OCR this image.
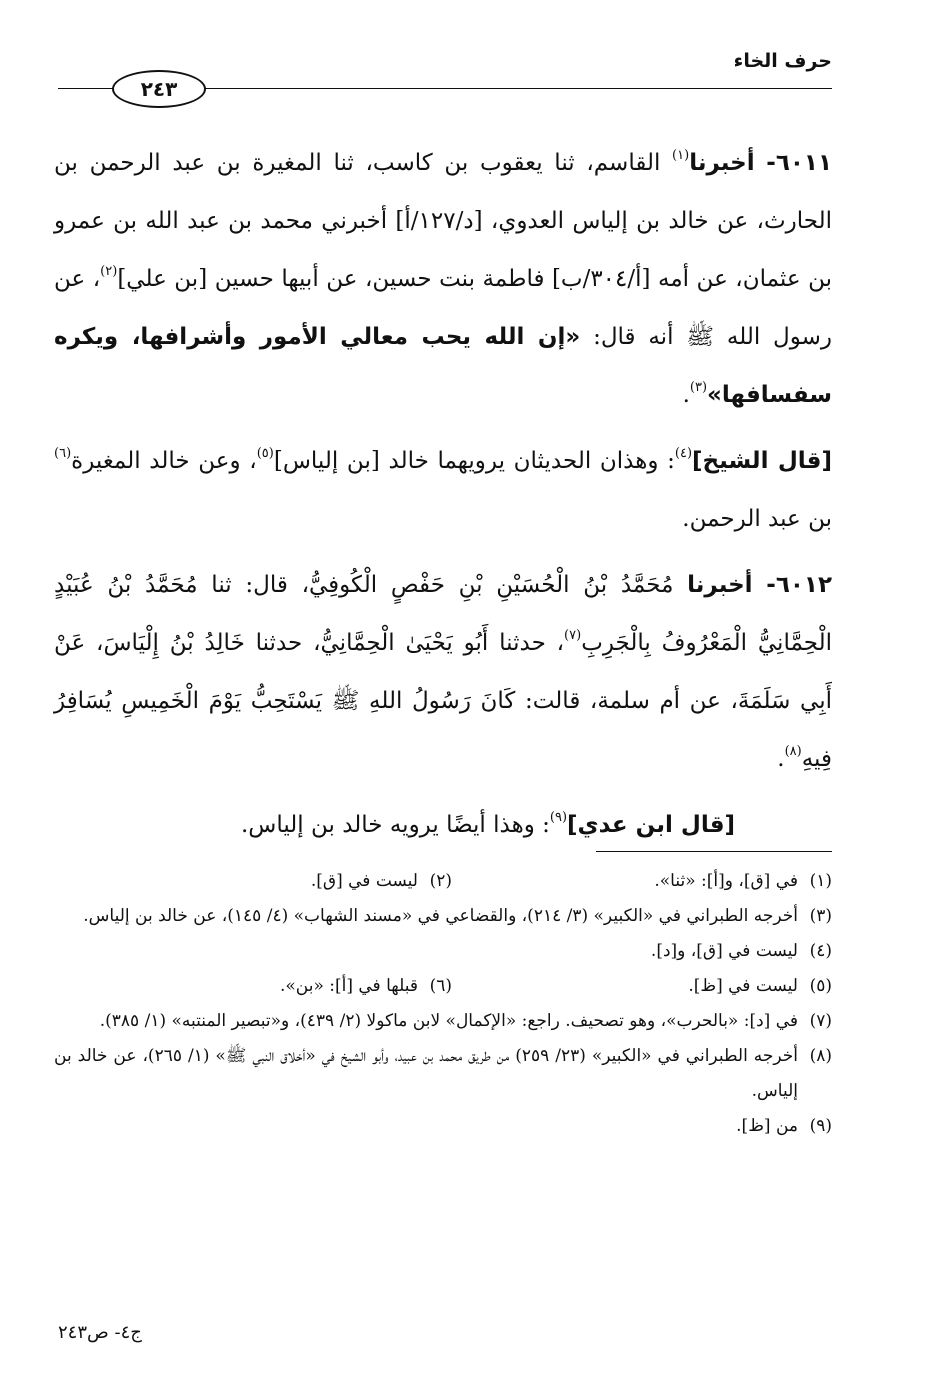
حرف الخاء
٢٤٣

٦٠١١- أخبرنا$^{(١)}$ القاسم، ثنا يعقوب بن كاسب، ثنا المغيرة بن عبد الرحمن بن الحارث، عن خالد بن إلياس العدوي، [د/١٢٧/أ] أخبرني محمد بن عبد الله بن عمرو بن عثمان، عن أمه [أ/٣٠٤/ب] فاطمة بنت حسين، عن أبيها حسين [بن علي]$^{(٢)}$، عن رسول الله ﷺ أنه قال: «إن الله يحب معالي الأمور وأشرافها، ويكره سفسافها»$^{(٣)}$.

[قال الشيخ]$^{(٤)}$: وهذان الحديثان يرويهما خالد [بن إلياس]$^{(٥)}$، وعن خالد المغيرة$^{(٦)}$ بن عبد الرحمن.

٦٠١٢- أخبرنا مُحَمَّدُ بْنُ الْحُسَيْنِ بْنِ حَفْصٍ الْكُوفِيُّ، قال: ثنا مُحَمَّدُ بْنُ عُبَيْدٍ الْحِمَّانِيُّ الْمَعْرُوفُ بِالْجَرِبِ$^{(٧)}$، حدثنا أَبُو يَحْيَىٰ الْحِمَّانِيُّ، حدثنا خَالِدُ بْنُ إِلْيَاسَ، عَنْ أَبِي سَلَمَةَ، عن أم سلمة، قالت: كَانَ رَسُولُ اللهِ ﷺ يَسْتَحِبُّ يَوْمَ الْخَمِيسِ يُسَافِرُ فِيهِ$^{(٨)}$.

[قال ابن عدي]$^{(٩)}$: وهذا أيضًا يرويه خالد بن إلياس.

(١)
في [ق]، و[أ]: «ثنا».
(٢)
ليست في [ق].
(٣)
أخرجه الطبراني في «الكبير» (٣/ ٢١٤)، والقضاعي في «مسند الشهاب» (٤/ ١٤٥)، عن خالد بن إلياس.
(٤)
ليست في [ق]، و[د].
(٥)
ليست في [ظ].
(٦)
قبلها في [أ]: «بن».
(٧)
في [د]: «بالحرب»، وهو تصحيف. راجع: «الإكمال» لابن ماكولا (٢/ ٤٣٩)، و«تبصير المنتبه» (١/ ٣٨٥).
(٨)
أخرجه الطبراني في «الكبير» (٢٣/ ٢٥٩) من طريق محمد بن عبيد، وأبو الشيخ في «أخلاق النبي ﷺ» (١/ ٢٦٥)، عن خالد بن إلياس.
(٩)
من [ظ].
ج٤- ص٢٤٣
